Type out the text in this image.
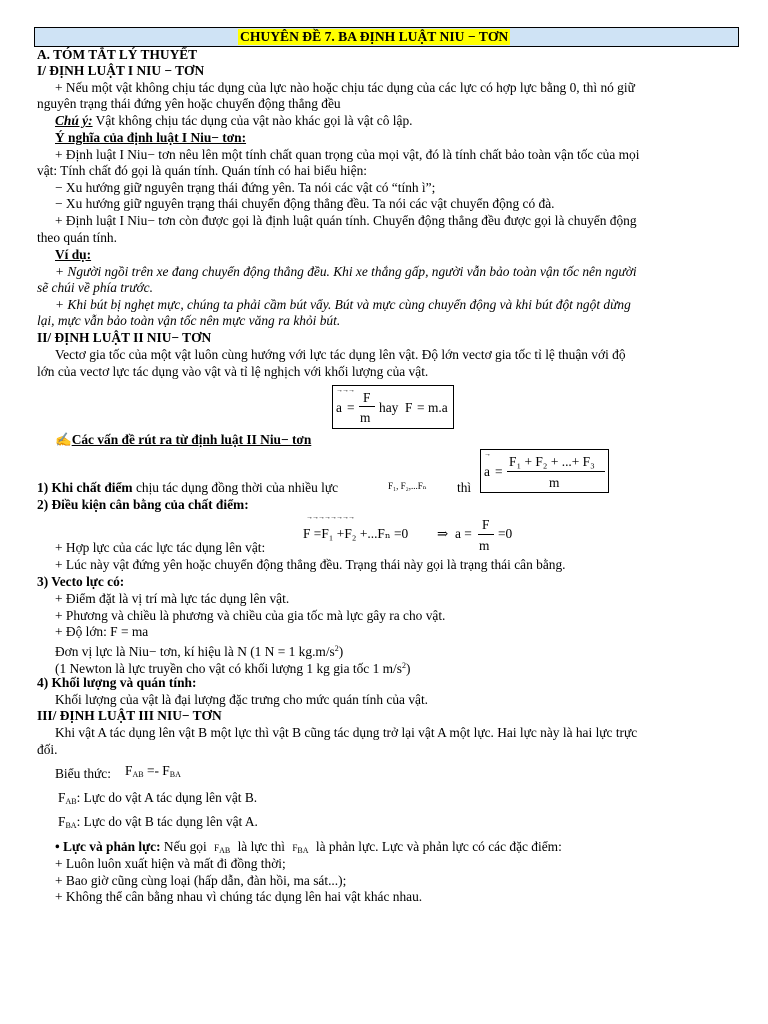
CHUYÊN ĐỀ 7. BA ĐỊNH LUẬT NIU − TƠN
A. TÓM TẮT LÝ THUYẾT
I/ ĐỊNH LUẬT I NIU − TƠN
+ Nếu một vật không chịu tác dụng của lực nào hoặc chịu tác dụng của các lực có hợp lực bằng 0, thì nó giữ
nguyên trạng thái đứng yên hoặc chuyển động thẳng đều
Chú ý: Vật không chịu tác dụng của vật nào khác gọi là vật cô lập.
Ý nghĩa của định luật I Niu− tơn:
+ Định luật I Niu− tơn nêu lên một tính chất quan trọng của mọi vật, đó là tính chất bảo toàn vận tốc của mọi
vật: Tính chất đó gọi là quán tính. Quán tính có hai biểu hiện:
− Xu hướng giữ nguyên trạng thái đứng yên. Ta nói các vật có “tính ì”;
− Xu hướng giữ nguyên trạng thái chuyển động thẳng đều. Ta nói các vật chuyển động có đà.
+ Định luật I Niu− tơn còn được gọi là định luật quán tính. Chuyển động thẳng đều được gọi là chuyển động
theo quán tính.
Ví dụ:
+ Người ngồi trên xe đang chuyển động thẳng đều. Khi xe thắng gấp, người vẫn bảo toàn vận tốc nên người
sẽ chúi về phía trước.
+ Khi bút bị nghẹt mực, chúng ta phải cầm bút vẩy. Bút và mực cùng chuyển động và khi bút đột ngột dừng
lại, mực vẫn bảo toàn vận tốc nên mực văng ra khỏi bút.
II/ ĐỊNH LUẬT II NIU− TƠN
Vectơ gia tốc của một vật luôn cùng hướng với lực tác dụng lên vật. Độ lớn vectơ gia tốc tỉ lệ thuận với độ
lớn của vectơ lực tác dụng vào vật và tỉ lệ nghịch với khối lượng của vật.
→→→
a =
F
m
hay F = m.a
✍Các vấn đề rút ra từ định luật II Niu− tơn
→
a =
F₁ + F₂ + ...+ F₃
m
1) Khi chất điểm chịu tác dụng đồng thời của nhiều lực	F₁, F₂,...Fₙ thì
2) Điều kiện cân bằng của chất điểm:
→→→→→→→→
F =F₁ +F₂ +...Fₙ =0 ⇒ a =
F
m
=0
+ Hợp lực của các lực tác dụng lên vật:
+ Lúc này vật đứng yên hoặc chuyển động thẳng đều. Trạng thái này gọi là trạng thái cân bằng.
3) Vecto lực có:
+ Điểm đặt là vị trí mà lực tác dụng lên vật.
+ Phương và chiều là phương và chiều của gia tốc mà lực gây ra cho vật.
+ Độ lớn: F = ma
Đơn vị lực là Niu− tơn, kí hiệu là N (1 N = 1 $kg.m/s^2$)
(1 Newton là lực truyền cho vật có khối lượng 1 kg gia tốc 1 $m/s^2$)
4) Khối lượng và quán tính:
Khối lượng của vật là đại lượng đặc trưng cho mức quán tính của vật.
III/ ĐỊNH LUẬT III NIU− TƠN
Khi vật A tác dụng lên vật B một lực thì vật B cũng tác dụng trở lại vật A một lực. Hai lực này là hai lực trực
đối.
Biểu thức: $F_{AB} =- F_{BA}$
$F_{AB}$: Lực do vật A tác dụng lên vật B.
$F_{BA}$: Lực do vật B tác dụng lên vật A.
• Lực và phản lực: Nếu gọi FAB là lực thì FBA là phản lực. Lực và phản lực có các đặc điểm:
+ Luôn luôn xuất hiện và mất đi đồng thời;
+ Bao giờ cũng cùng loại (hấp dẫn, đàn hồi, ma sát...);
+ Không thể cân bằng nhau vì chúng tác dụng lên hai vật khác nhau.
